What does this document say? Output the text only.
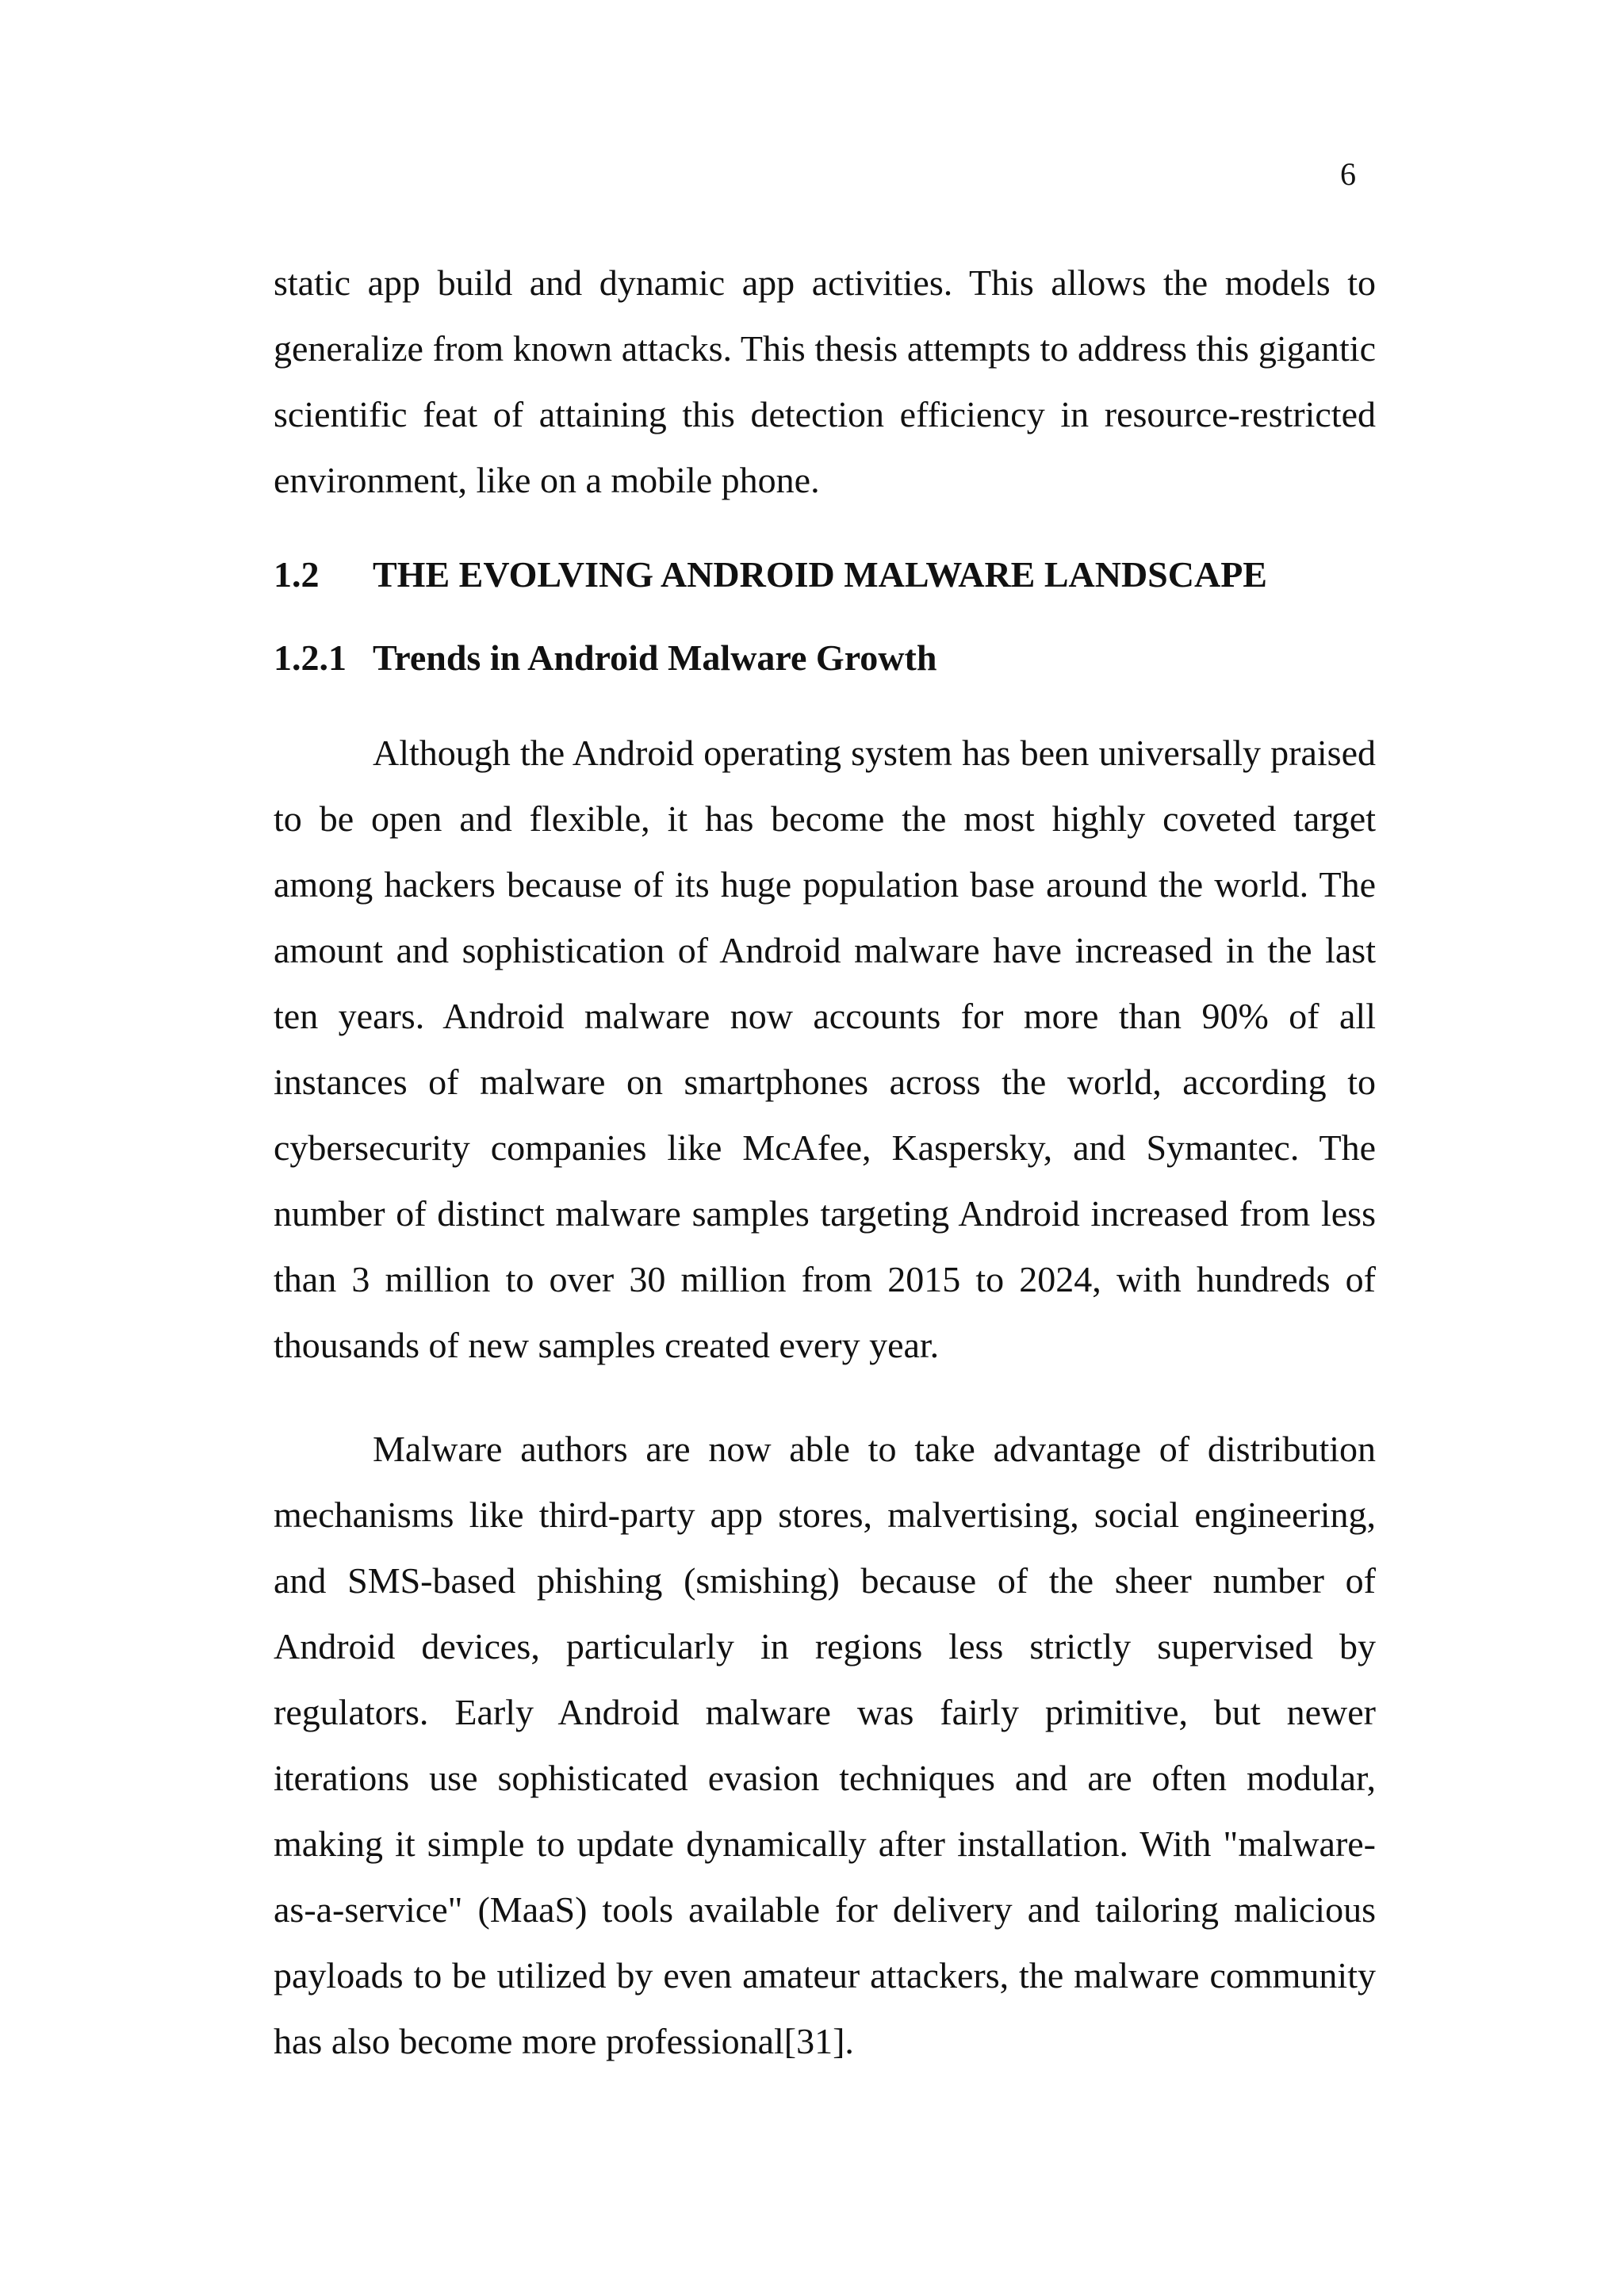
6

static app build and dynamic app activities. This allows the models to generalize from known attacks. This thesis attempts to address this gigantic scientific feat of attaining this detection efficiency in resource-restricted environment, like on a mobile phone.

1.2 THE EVOLVING ANDROID MALWARE LANDSCAPE
1.2.1 Trends in Android Malware Growth

Although the Android operating system has been universally praised to be open and flexible, it has become the most highly coveted target among hackers because of its huge population base around the world. The amount and sophistication of Android malware have increased in the last ten years. Android malware now accounts for more than 90% of all instances of malware on smartphones across the world, according to cybersecurity companies like McAfee, Kaspersky, and Symantec. The number of distinct malware samples targeting Android increased from less than 3 million to over 30 million from 2015 to 2024, with hundreds of thousands of new samples created every year.

Malware authors are now able to take advantage of distribution mechanisms like third-party app stores, malvertising, social engineering, and SMS-based phishing (smishing) because of the sheer number of Android devices, particularly in regions less strictly supervised by regulators. Early Android malware was fairly primitive, but newer iterations use sophisticated evasion techniques and are often modular, making it simple to update dynamically after installation. With "malware-as-a-service" (MaaS) tools available for delivery and tailoring malicious payloads to be utilized by even amateur attackers, the malware community has also become more professional[31].
